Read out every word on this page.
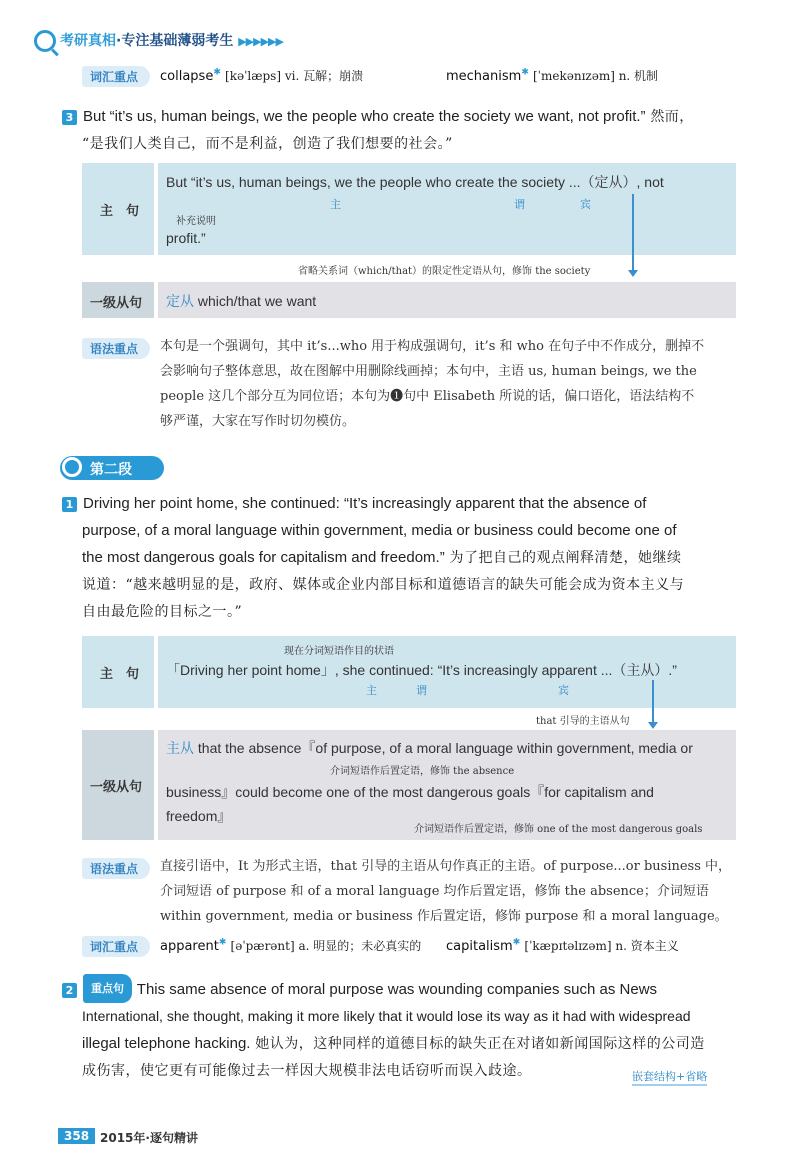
考研真相·专注基础薄弱考生 ▶▶▶▶▶▶
词汇重点	collapse✱ [kəˈlæps] vi. 瓦解；崩溃	mechanism✱ [ˈmekənɪzəm] n. 机制
3 But “it’s us, human beings, we the people who create the society we want, not profit.” 然而，
“是我们人类自己，而不是利益，创造了我们想要的社会。”
主　句
But “it’s us, human beings, we the people who create the society ...（定从）, not
主	谓	宾
补充说明
profit.”
省略关系词（which/that）的限定性定语从句，修饰 the society
一级从句 定从 which/that we want
语法重点	本句是一个强调句，其中 it’s...who 用于构成强调句，it’s 和 who 在句子中不作成分，删掉不
会影响句子整体意思，故在图解中用删除线画掉；本句中，主语 us, human beings, we the
people 这几个部分互为同位语；本句为❶句中 Elisabeth 所说的话，偏口语化，语法结构不
够严谨，大家在写作时切勿模仿。
第二段
1 Driving her point home, she continued: “It’s increasingly apparent that the absence of
purpose, of a moral language within government, media or business could become one of
the most dangerous goals for capitalism and freedom.” 为了把自己的观点阐释清楚，她继续
说道：“越来越明显的是，政府、媒体或企业内部目标和道德语言的缺失可能会成为资本主义与
自由最危险的目标之一。”
主　句
现在分词短语作目的状语
「Driving her point home」, she continued: “It’s increasingly apparent ...（主从）.”
主	谓	宾
that 引导的主语从句
一级从句
主从 that the absence『of purpose, of a moral language within government, media or
介词短语作后置定语，修饰 the absence
business』could become one of the most dangerous goals『for capitalism and
freedom』
介词短语作后置定语，修饰 one of the most dangerous goals
语法重点	直接引语中，It 为形式主语，that 引导的主语从句作真正的主语。of purpose...or business 中，
介词短语 of purpose 和 of a moral language 均作后置定语，修饰 the absence；介词短语
within government, media or business 作后置定语，修饰 purpose 和 a moral language。
词汇重点	apparent✱ [əˈpærənt] a. 明显的；未必真实的 capitalism✱ [ˈkæpɪtəlɪzəm] n. 资本主义
2 重点句 This same absence of moral purpose was wounding companies such as News
International, she thought, making it more likely that it would lose its way as it had with widespread
illegal telephone hacking. 她认为，这种同样的道德目标的缺失正在对诸如新闻国际这样的公司造
成伤害，使它更有可能像过去一样因大规模非法电话窃听而误入歧途。	嵌套结构+省略
358 2015年·逐句精讲
